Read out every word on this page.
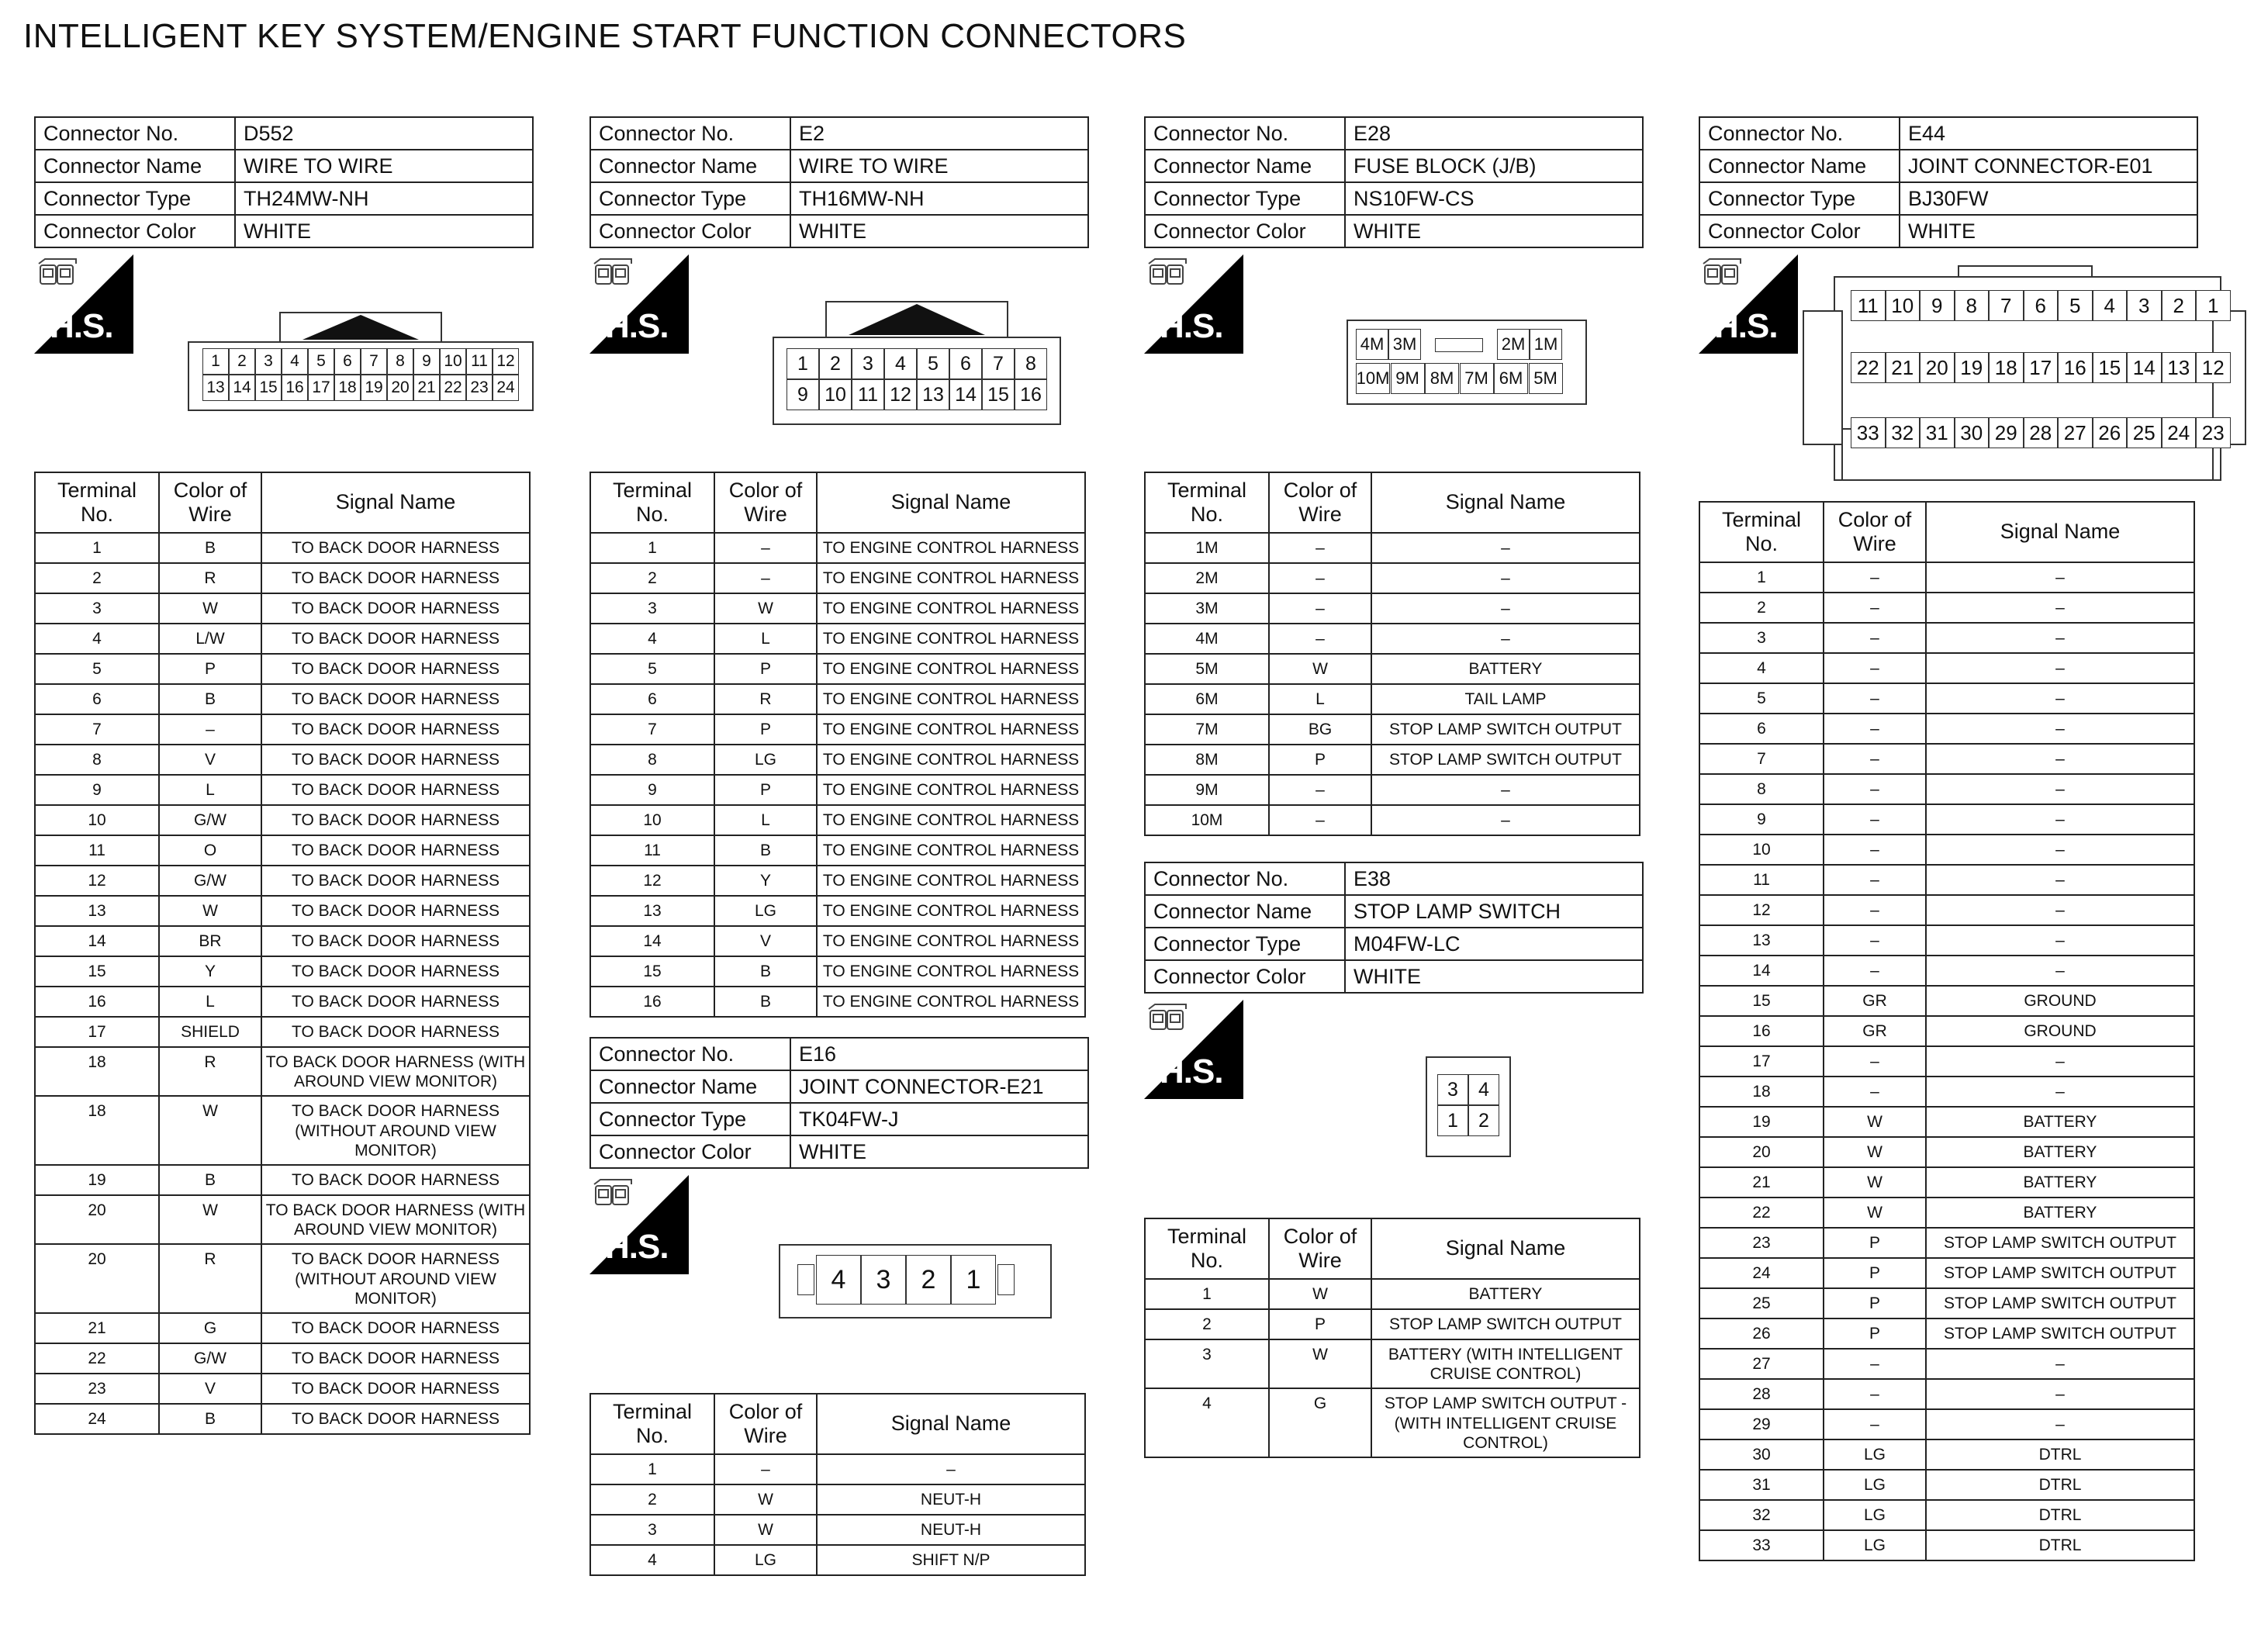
INTELLIGENT KEY SYSTEM/ENGINE START FUNCTION CONNECTORS
Connector No.	D552
Connector Name	WIRE TO WIRE
Connector Type	TH24MW-NH
Connector Color	WHITE
H.S.
1	2	3	4	5	6	7	8	9 10 11 12
13 14 15 16 17 18 19 20 21 22 23 24
Terminal
No.	Color of
Wire	Signal Name
1	B	TO BACK DOOR HARNESS
2	R	TO BACK DOOR HARNESS
3	W	TO BACK DOOR HARNESS
4	L/W	TO BACK DOOR HARNESS
5	P	TO BACK DOOR HARNESS
6	B	TO BACK DOOR HARNESS
7	–	TO BACK DOOR HARNESS
8	V	TO BACK DOOR HARNESS
9	L	TO BACK DOOR HARNESS
10	G/W	TO BACK DOOR HARNESS
11	O	TO BACK DOOR HARNESS
12	G/W	TO BACK DOOR HARNESS
13	W	TO BACK DOOR HARNESS
14	BR	TO BACK DOOR HARNESS
15	Y	TO BACK DOOR HARNESS
16	L	TO BACK DOOR HARNESS
17	SHIELD	TO BACK DOOR HARNESS
18	R	TO BACK DOOR HARNESS (WITH
AROUND VIEW MONITOR)
18	W	TO BACK DOOR HARNESS
(WITHOUT AROUND VIEW
MONITOR)
19	B	TO BACK DOOR HARNESS
20	W	TO BACK DOOR HARNESS (WITH
AROUND VIEW MONITOR)
20	R	TO BACK DOOR HARNESS
(WITHOUT AROUND VIEW
MONITOR)
21	G	TO BACK DOOR HARNESS
22	G/W	TO BACK DOOR HARNESS
23	V	TO BACK DOOR HARNESS
24	B	TO BACK DOOR HARNESS
Connector No.	E2
Connector Name	WIRE TO WIRE
Connector Type	TH16MW-NH
Connector Color	WHITE
H.S.
1	2	3	4	5	6	7	8
9 10 11 12 13 14 15 16
Terminal
No.	Color of
Wire	Signal Name
1	–	TO ENGINE CONTROL HARNESS
2	–	TO ENGINE CONTROL HARNESS
3	W	TO ENGINE CONTROL HARNESS
4	L	TO ENGINE CONTROL HARNESS
5	P	TO ENGINE CONTROL HARNESS
6	R	TO ENGINE CONTROL HARNESS
7	P	TO ENGINE CONTROL HARNESS
8	LG	TO ENGINE CONTROL HARNESS
9	P	TO ENGINE CONTROL HARNESS
10	L	TO ENGINE CONTROL HARNESS
11	B	TO ENGINE CONTROL HARNESS
12	Y	TO ENGINE CONTROL HARNESS
13	LG	TO ENGINE CONTROL HARNESS
14	V	TO ENGINE CONTROL HARNESS
15	B	TO ENGINE CONTROL HARNESS
16	B	TO ENGINE CONTROL HARNESS
Connector No.	E16
Connector Name	JOINT CONNECTOR-E21
Connector Type	TK04FW-J
Connector Color	WHITE
H.S.
4	3	2	1
Terminal
No.	Color of
Wire	Signal Name
1	–	–
2	W	NEUT-H
3	W	NEUT-H
4	LG	SHIFT N/P
Connector No.	E28
Connector Name	FUSE BLOCK (J/B)
Connector Type	NS10FW-CS
Connector Color	WHITE
H.S.	4M 3M	2M 1M
10M 9M 8M 7M 6M 5M
Terminal
No.	Color of
Wire	Signal Name
1M	–	–
2M	–	–
3M	–	–
4M	–	–
5M	W	BATTERY
6M	L	TAIL LAMP
7M	BG	STOP LAMP SWITCH OUTPUT
8M	P	STOP LAMP SWITCH OUTPUT
9M	–	–
10M	–	–
Connector No.	E38
Connector Name	STOP LAMP SWITCH
Connector Type	M04FW-LC
Connector Color	WHITE
H.S.	3	4
1	2
Terminal
No.	Color of
Wire	Signal Name
1	W	BATTERY
2	P	STOP LAMP SWITCH OUTPUT
3	W	BATTERY (WITH INTELLIGENT
CRUISE CONTROL)
4	G	STOP LAMP SWITCH OUTPUT -
(WITH INTELLIGENT CRUISE
CONTROL)
Connector No.	E44
Connector Name	JOINT CONNECTOR-E01
Connector Type	BJ30FW
Connector Color	WHITE
H.S.
11 10 9	8	7	6	5	4	3	2	1
22 21 20 19 18 17 16 15 14 13 12
33 32 31 30 29 28 27 26 25 24 23
Terminal
No.	Color of
Wire	Signal Name
1	–	–
2	–	–
3	–	–
4	–	–
5	–	–
6	–	–
7	–	–
8	–	–
9	–	–
10	–	–
11	–	–
12	–	–
13	–	–
14	–	–
15	GR	GROUND
16	GR	GROUND
17	–	–
18	–	–
19	W	BATTERY
20	W	BATTERY
21	W	BATTERY
22	W	BATTERY
23	P	STOP LAMP SWITCH OUTPUT
24	P	STOP LAMP SWITCH OUTPUT
25	P	STOP LAMP SWITCH OUTPUT
26	P	STOP LAMP SWITCH OUTPUT
27	–	–
28	–	–
29	–	–
30	LG	DTRL
31	LG	DTRL
32	LG	DTRL
33	LG	DTRL
